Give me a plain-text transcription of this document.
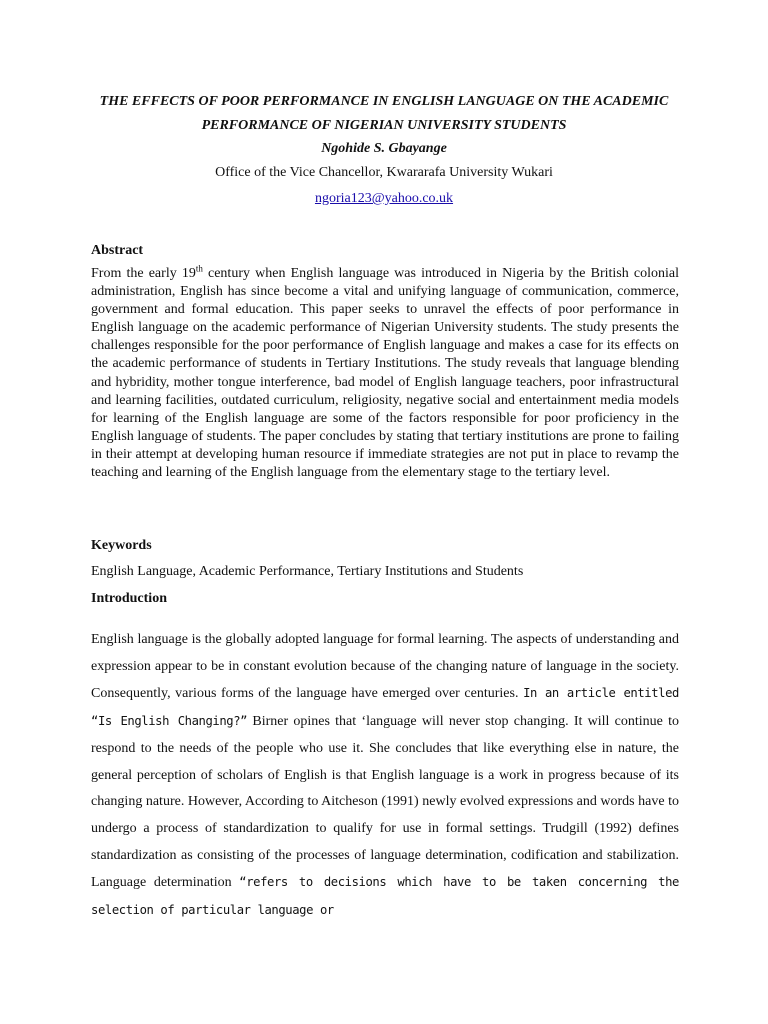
THE EFFECTS OF POOR PERFORMANCE IN ENGLISH LANGUAGE ON THE ACADEMIC
PERFORMANCE OF NIGERIAN UNIVERSITY STUDENTS

Ngohide S. Gbayange

Office of the Vice Chancellor, Kwararafa University Wukari

ngoria123@yahoo.co.uk

Abstract

From the early 19th century when English language was introduced in Nigeria by the British colonial administration, English has since become a vital and unifying language of communication, commerce, government and formal education. This paper seeks to unravel the effects of poor performance in English language on the academic performance of Nigerian University students. The study presents the challenges responsible for the poor performance of English language and makes a case for its effects on the academic performance of students in Tertiary Institutions. The study reveals that language blending and hybridity, mother tongue interference, bad model of English language teachers, poor infrastructural and learning facilities, outdated curriculum, religiosity, negative social and entertainment media models for learning of the English language are some of the factors responsible for poor proficiency in the English language of students. The paper concludes by stating that tertiary institutions are prone to failing in their attempt at developing human resource if immediate strategies are not put in place to revamp the teaching and learning of the English language from the elementary stage to the tertiary level.

Keywords

English Language, Academic Performance, Tertiary Institutions and Students

Introduction

English language is the globally adopted language for formal learning. The aspects of understanding and expression appear to be in constant evolution because of the changing nature of language in the society. Consequently, various forms of the language have emerged over centuries. In an article entitled “Is English Changing?” Birner opines that ‘language will never stop changing. It will continue to respond to the needs of the people who use it. She concludes that like everything else in nature, the general perception of scholars of English is that English language is a work in progress because of its changing nature. However, According to Aitcheson (1991) newly evolved expressions and words have to undergo a process of standardization to qualify for use in formal settings. Trudgill (1992) defines standardization as consisting of the processes of language determination, codification and stabilization. Language determination “refers to decisions which have to be taken concerning the selection of particular language or
